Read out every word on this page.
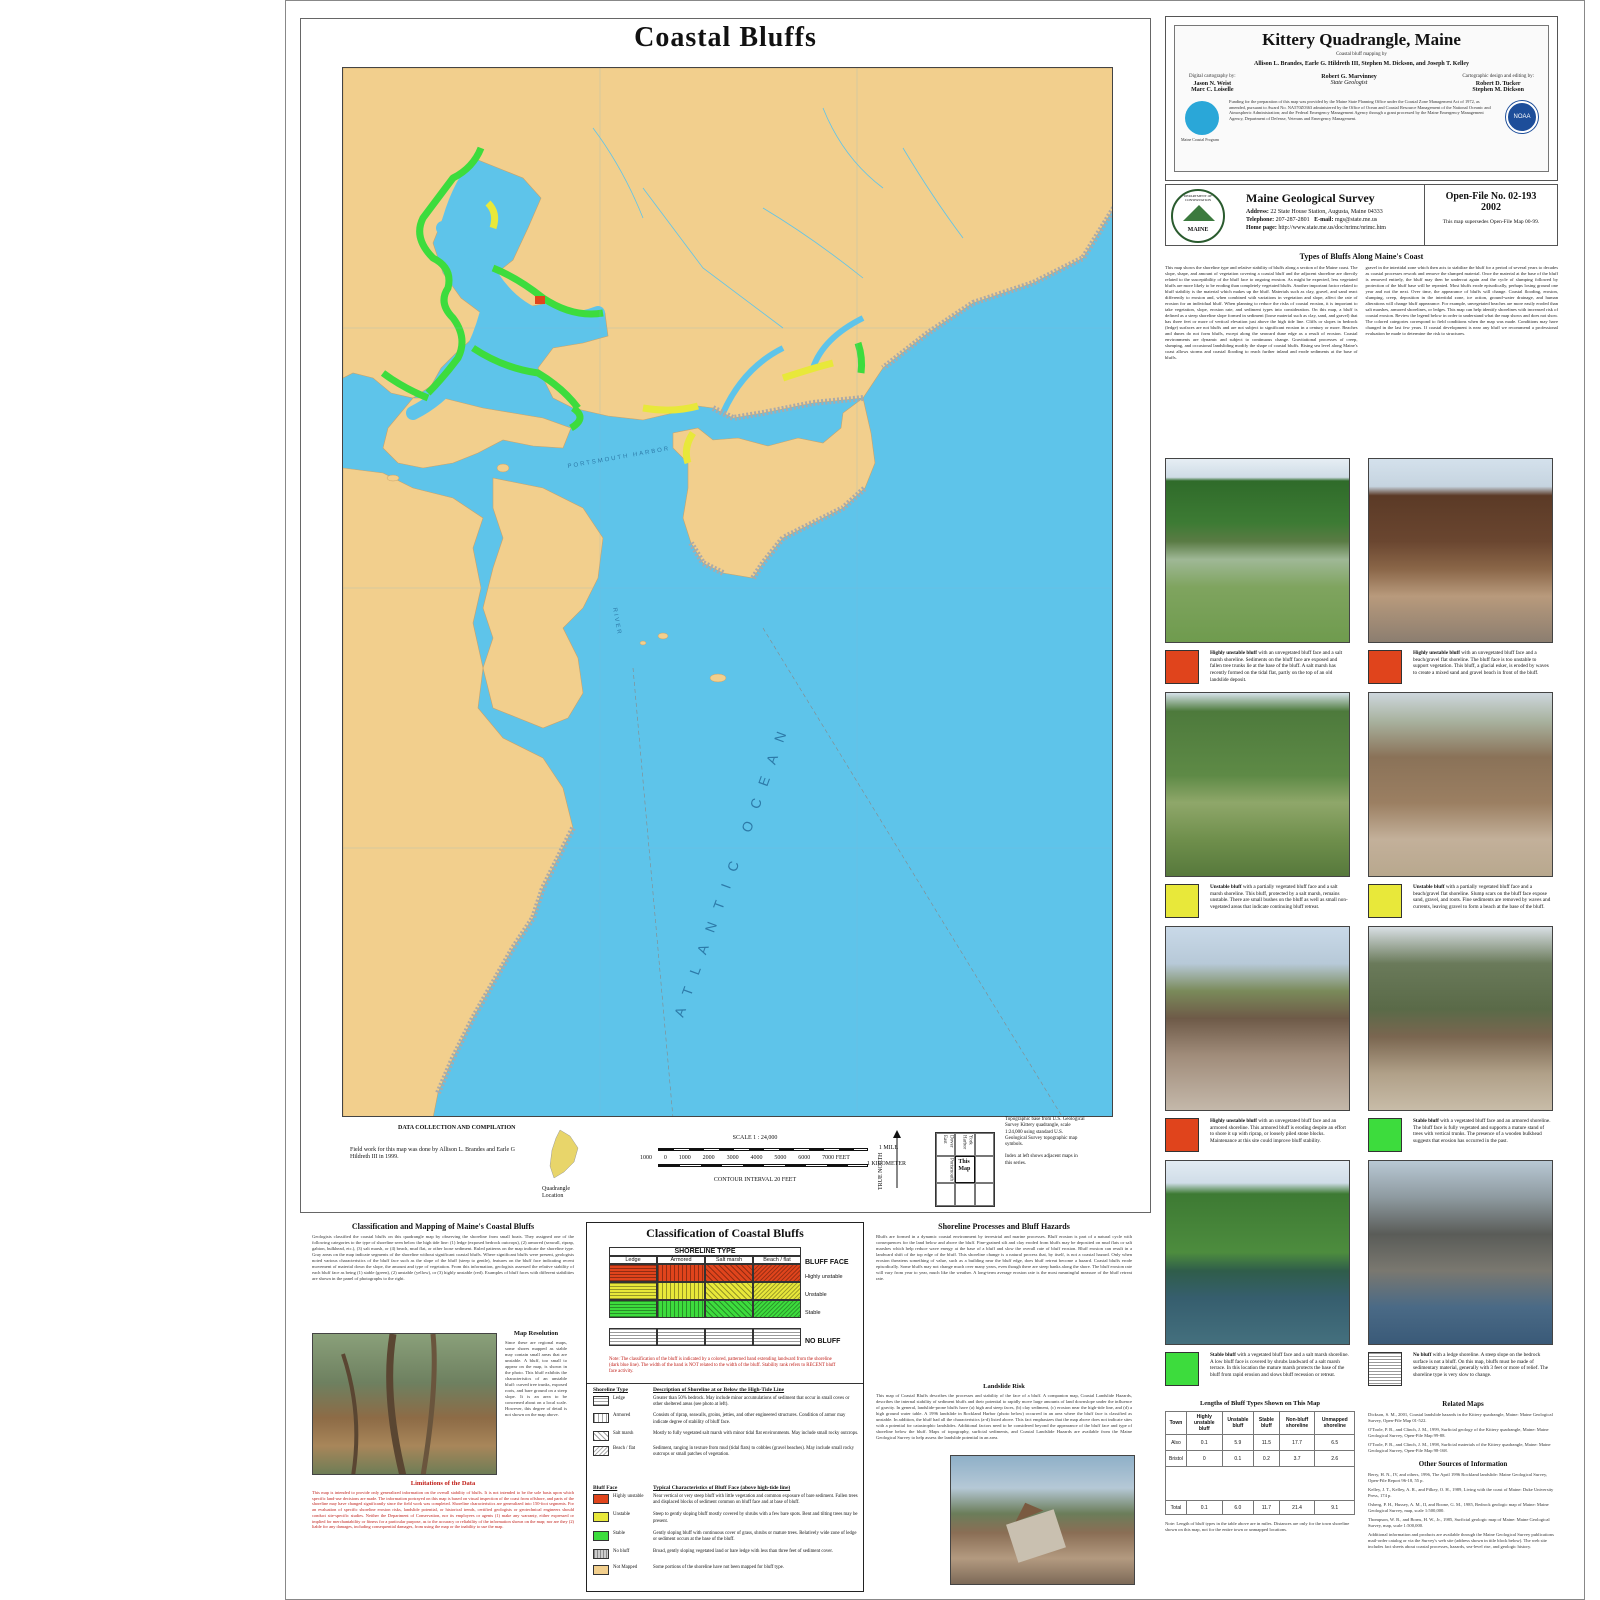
Coastal Bluffs
ATLANTIC OCEAN
PORTSMOUTH HARBOR
RIVER
DATA COLLECTION AND COMPILATION
Field work for this map was done by Allison L. Brandes and Earle G Hildreth III in 1999.
Quadrangle Location
SCALE 1 : 24,000
1 MILE
1000 0 1000 2000 3000 4000 5000 6000 7000 FEET
1 KILOMETER
CONTOUR INTERVAL 20 FEET	TRUE NORTH
Dover East	York Harbor
Portsmouth This Map
Topographic base from U.S. Geological Survey Kittery quadrangle, scale 1:24,000 using standard U.S. Geological Survey topographic map symbols.
Index at left shows adjacent maps in this series.
Kittery Quadrangle, Maine
Coastal bluff mapping by
Allison L. Brandes, Earle G. Hildreth III, Stephen M. Dickson, and Joseph T. Kelley
Digital cartography by:
Jason N. Weist
Marc C. Loiselle
Robert G. Marvinney
State Geologist
Cartographic design and editing by:
Robert D. Tucker
Stephen M. Dickson
Maine Coastal Program
Funding for the preparation of this map was provided by the Maine State Planning Office under the Coastal Zone Management Act of 1972, as amended, pursuant to Award No. NA570Z0363 administered by the Office of Ocean and Coastal Resource Management of the National Oceanic and Atmospheric Administration; and the Federal Emergency Management Agency through a grant processed by the Maine Emergency Management Agency, Department of Defense, Veterans and Emergency Management.	NOAA
MAINE
DEPARTMENT OF CONSERVATION	Maine Geological Survey
Address: 22 State House Station, Augusta, Maine 04333
Telephone: 207-287-2801 E-mail: mgs@state.me.us
Home page: http://www.state.me.us/doc/nrimc/nrimc.htm
Open-File No. 02-193
2002
This map supersedes Open-File Map 00-99.
Types of Bluffs Along Maine's Coast
This map shows the shoreline type and relative stability of bluffs along a section of the Maine coast. The slope, shape, and amount of vegetation covering a coastal bluff and the adjacent shoreline are directly related to the susceptibility of the bluff face to ongoing erosion. As might be expected, less vegetated bluffs are more likely to be eroding than completely vegetated bluffs. Another important factor related to bluff stability is the material which makes up the bluff. Materials such as clay, gravel, and sand react differently to erosion and, when combined with variations in vegetation and slope, affect the rate of erosion for an individual bluff. When planning to reduce the risks of coastal erosion, it is important to take vegetation, slope, erosion rate, and sediment types into consideration. On this map, a bluff is defined as a steep shoreline slope formed in sediment (loose material such as clay, sand, and gravel) that has three feet or more of vertical elevation just above the high tide line. Cliffs or slopes in bedrock (ledge) surfaces are not bluffs and are not subject to significant erosion in a century or more. Beaches and dunes do not form bluffs, except along the seaward dune edge as a result of erosion. Coastal environments are dynamic and subject to continuous change. Gravitational processes of creep, slumping, and occasional landsliding modify the shape of coastal bluffs. Rising sea level along Maine's coast allows storms and coastal flooding to reach further inland and erode sediments at the base of bluffs.
gravel in the intertidal zone which then acts to stabilize the bluff for a period of several years to decades as coastal processes rework and remove the slumped material. Once the material at the base of the bluff is removed entirely, the bluff may then be undercut again and the cycle of slumping followed by protection of the bluff base will be repeated. Most bluffs erode episodically, perhaps losing ground one year and not the next. Over time, the appearance of bluffs will change. Coastal flooding, erosion, slumping, creep, deposition in the intertidal zone, ice action, ground-water drainage, and human alterations will change bluff appearance. For example, unvegetated beaches are more easily eroded than salt marshes, armored shorelines, or ledges. This map can help identify shorelines with increased risk of coastal erosion. Review the legend below in order to understand what the map shows and does not show. The colored categories correspond to field conditions when the map was made. Conditions may have changed in the last few years. If coastal development is near any bluff we recommend a professional evaluation be made to determine the risk to structures.
Highly unstable bluff with an unvegetated bluff face and a salt marsh shoreline. Sediments on the bluff face are exposed and fallen tree trunks lie at the base of the bluff. A salt marsh has recently formed on the tidal flat, partly on the top of an old landslide deposit.
Highly unstable bluff with an unvegetated bluff face and a beach/gravel flat shoreline. The bluff face is too unstable to support vegetation. This bluff, a glacial esker, is eroded by waves to create a mixed sand and gravel beach in front of the bluff.
Unstable bluff with a partially vegetated bluff face and a salt marsh shoreline. This bluff, protected by a salt marsh, remains unstable. There are small bushes on the bluff as well as small non-vegetated areas that indicate continuing bluff retreat.
Unstable bluff with a partially vegetated bluff face and a beach/gravel flat shoreline. Slump scars on the bluff face expose sand, gravel, and roots. Fine sediments are removed by waves and currents, leaving gravel to form a beach at the base of the bluff.
Highly unstable bluff with an unvegetated bluff face and an armored shoreline. This armored bluff is eroding despite an effort to shore it up with riprap, or loosely piled stone blocks. Maintenance at this site could improve bluff stability.
Stable bluff with a vegetated bluff face and an armored shoreline. The bluff face is fully vegetated and supports a mature stand of trees with vertical trunks. The presence of a wooden bulkhead suggests that erosion has occurred in the past.
Stable bluff with a vegetated bluff face and a salt marsh shoreline. A low bluff face is covered by shrubs landward of a salt marsh terrace. In this location the mature marsh protects the base of the bluff from rapid erosion and slows bluff recession or retreat.
No bluff with a ledge shoreline. A steep slope on the bedrock surface is not a bluff. On this map, bluffs must be made of sedimentary material, generally with 3 feet or more of relief. The shoreline type is very slow to change.
Classification and Mapping of Maine's Coastal Bluffs
Geologists classified the coastal bluffs on this quadrangle map by observing the shoreline from small boats. They assigned one of the following categories to the type of shoreline seen below the high tide line: (1) ledge (exposed bedrock outcrops), (2) armored (seawall, riprap, gabion, bulkhead, etc.), (3) salt marsh, or (4) beach, mud flat, or other loose sediment. Ruled patterns on the map indicate the shoreline type. Gray areas on the map indicate segments of the shoreline without significant coastal bluffs. Where significant bluffs were present, geologists noted various characteristics of the bluff face such as the slope of the bluff (steep to gentle), features on the bluff face indicating recent movement of material down the slope, the amount and type of vegetation. From this information, geologists assessed the relative stability of each bluff face as being (1) stable (green), (2) unstable (yellow), or (3) highly unstable (red). Examples of bluff faces with different stabilities are shown in the panel of photographs to the right.
Map Resolution
Since these are regional maps, some shores mapped as stable may contain small areas that are unstable. A bluff, too small to appear on the map, is shown in the photo. This bluff exhibits the characteristics of an unstable bluff: curved tree trunks, exposed roots, and bare ground on a steep slope. It is an area to be concerned about on a local scale. However, this degree of detail is not shown on the map above.
Limitations of the Data
This map is intended to provide only generalized information on the overall stability of bluffs. It is not intended to be the sole basis upon which specific land-use decisions are made. The information portrayed on this map is based on visual inspection of the coast from offshore, and parts of the shoreline may have changed significantly since the field work was completed. Shoreline characteristics are generalized into 150-foot segments. For an evaluation of specific shoreline erosion risks, landslide potential, or historical trends, certified geologists or geotechnical engineers should conduct site-specific studies. Neither the Department of Conservation, nor its employees or agents (1) make any warranty, either expressed or implied for merchantability or fitness for a particular purpose, as to the accuracy or reliability of the information shown on the map; nor are they (2) liable for any damages, including consequential damages, from using the map or the inability to use the map.
Classification of Coastal Bluffs
SHORELINE TYPE
Ledge	Armored	Salt marsh	Beach / flat	BLUFF FACE
Highly unstable
Unstable
Stable
NO BLUFF
Note: The classification of the bluff is indicated by a colored, patterned band extending landward from the shoreline (dark blue line). The width of the band is NOT related to the width of the bluff. Stability rank refers to RECENT bluff face activity.
Shoreline Type	Description of Shoreline at or Below the High-Tide Line
Ledge	Greater than 50% bedrock. May include minor accumulations of sediment that occur in small coves or other sheltered areas (see photo at left).
Armored	Consists of riprap, seawalls, groins, jetties, and other engineered structures. Condition of armor may indicate degree of stability of bluff face.
Salt marsh	Mostly to fully vegetated salt marsh with minor tidal flat environments. May include small rocky outcrops.
Beach / flat	Sediment, ranging in texture from mud (tidal flats) to cobbles (gravel beaches). May include small rocky outcrops or small patches of vegetation.
Bluff Face	Typical Characteristics of Bluff Face (above high-tide line)
Highly unstable	Near vertical or very steep bluff with little vegetation and common exposure of bare sediment. Fallen trees and displaced blocks of sediment common on bluff face and at base of bluff.
Unstable	Steep to gently sloping bluff mostly covered by shrubs with a few bare spots. Bent and tilting trees may be present.
Stable	Gently sloping bluff with continuous cover of grass, shrubs or mature trees. Relatively wide zone of ledge or sediment occurs at the base of the bluff.
No bluff	Broad, gently sloping vegetated land or bare ledge with less than three feet of sediment cover.
Not Mapped	Some portions of the shoreline have not been mapped for bluff type.
Shoreline Processes and Bluff Hazards
Bluffs are formed in a dynamic coastal environment by terrestrial and marine processes. Bluff erosion is part of a natural cycle with consequences for the land below and above the bluff. Fine-grained silt and clay eroded from bluffs may be deposited on mud flats or salt marshes which help reduce wave energy at the base of a bluff and slow the overall rate of bluff erosion. Bluff erosion can result in a landward shift of the top edge of the bluff. This shoreline change is a natural process that, by itself, is not a coastal hazard. Only when erosion threatens something of value, such as a building near the bluff edge, does bluff retreat become a hazard. Coastal bluffs erode episodically. Some bluffs may not change much over many years, even though there are steep banks along the shore. The bluff erosion rate will vary from year to year, much like the weather. A long-term average erosion rate is the most meaningful measure of the bluff retreat rate.
Landslide Risk
This map of Coastal Bluffs describes the processes and stability of the face of a bluff. A companion map, Coastal Landslide Hazards, describes the internal stability of sediment bluffs and their potential to rapidly move large amounts of land downslope under the influence of gravity. In general, landslide-prone bluffs have (a) high and steep faces, (b) clay sediment, (c) erosion near the high-tide line, and (d) a high ground water table. A 1996 landslide in Rockland Harbor (photo below) occurred in an area where the bluff face is classified as unstable. In addition, the bluff had all the characteristics (a-d) listed above. This fact emphasizes that the map above does not indicate sites with a potential for catastrophic landslides. Additional factors need to be considered beyond the appearance of the bluff face and type of shoreline below the bluff. Maps of topography, surficial sediments, and Coastal Landslide Hazards are available from the Maine Geological Survey to help assess the landslide potential in an area.
Lengths of Bluff Types Shown on This Map
Town	Highly unstable bluff	Unstable bluff	Stable bluff	Non-bluff shoreline	Unmapped shoreline
Also	0.1	5.9	11.5	17.7	6.5
Bristol	0	0.1	0.2	3.7	2.6

Total	0.1	6.0	11.7	21.4	9.1
Note: Length of bluff types in the table above are in miles. Distances are only for the town shoreline shown on this map, not for the entire town or unmapped locations.
Related Maps
Dickson, S. M., 2001, Coastal landslide hazards in the Kittery quadrangle, Maine: Maine Geological Survey, Open-File Map 01-522.
O'Toole, P. B., and Clinch, J. M., 1999, Surficial geology of the Kittery quadrangle, Maine: Maine Geological Survey, Open-File Map 99-88.
O'Toole, P. B., and Clinch, J. M., 1998, Surficial materials of the Kittery quadrangle, Maine: Maine Geological Survey, Open-File Map 98-168.
Other Sources of Information
Berry, H. N., IV, and others, 1996, The April 1996 Rockland landslide: Maine Geological Survey, Open-File Report 96-18, 55 p.
Kelley, J. T., Kelley, A. R., and Pilkey, O. H., 1989, Living with the coast of Maine: Duke University Press, 174 p.
Osberg, P. H., Hussey, A. M., II, and Boone, G. M., 1985, Bedrock geologic map of Maine: Maine Geological Survey, map, scale 1:500,000.
Thompson, W. B., and Borns, H. W., Jr., 1985, Surficial geologic map of Maine: Maine Geological Survey, map, scale 1:500,000.
Additional information and products are available through the Maine Geological Survey publications mail-order catalog or via the Survey's web site (address shown in title block below). The web site includes fact sheets about coastal processes, hazards, sea-level rise, and geologic history.
